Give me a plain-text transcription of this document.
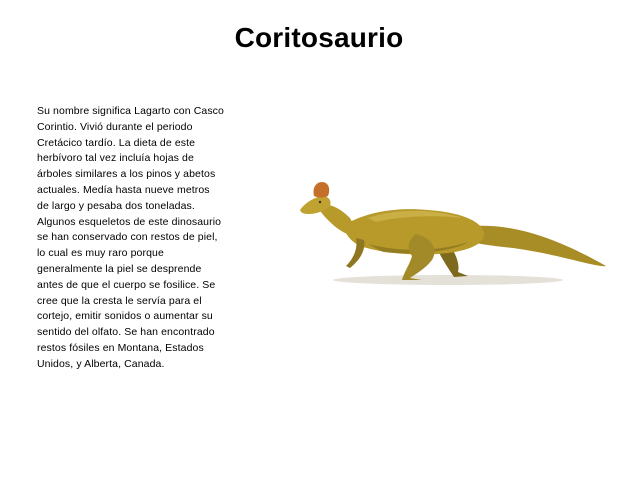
Coritosaurio
Su nombre significa Lagarto con Casco
Corintio. Vivió durante el periodo
Cretácico tardío. La dieta de este
herbívoro tal vez incluía hojas de
árboles similares a los pinos y abetos
actuales. Medía hasta nueve metros
de largo y pesaba dos toneladas.
Algunos esqueletos de este dinosaurio
se han conservado con restos de piel,
lo cual es muy raro porque
generalmente la piel se desprende
antes de que el cuerpo se fosilice. Se
cree que la cresta le servía para el
cortejo, emitir sonidos o aumentar su
sentido del olfato. Se han encontrado
restos fósiles en Montana, Estados
Unidos, y Alberta, Canada.
